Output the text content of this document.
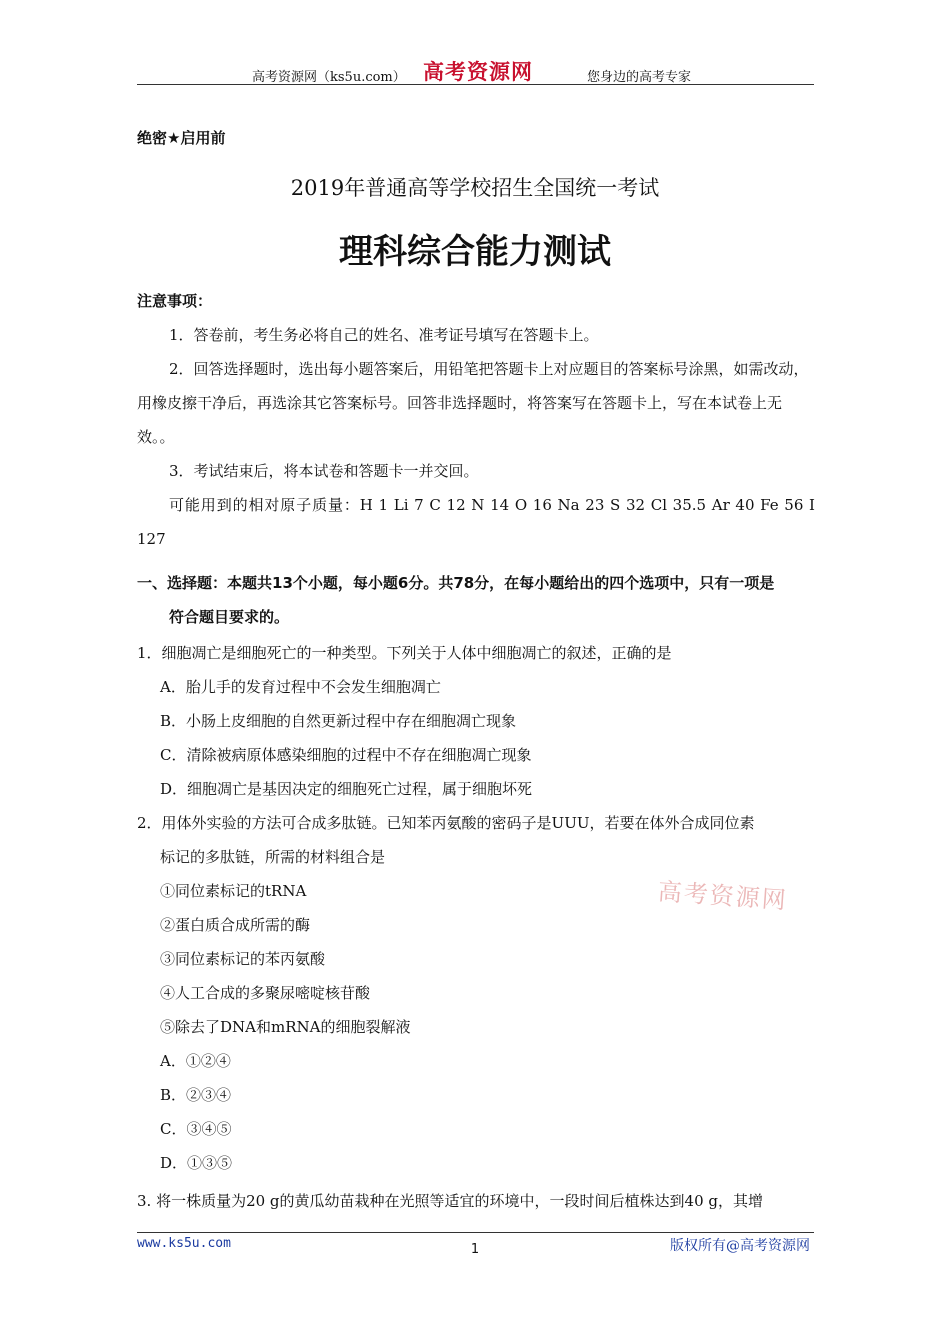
高考资源网（ks5u.com） 高考资源网	您身边的高考专家
绝密★启用前
2019年普通高等学校招生全国统一考试
理科综合能力测试
注意事项：
1．答卷前，考生务必将自己的姓名、准考证号填写在答题卡上。
2．回答选择题时，选出每小题答案后，用铅笔把答题卡上对应题目的答案标号涂黑，如需改动，用橡皮擦干净后，再选涂其它答案标号。回答非选择题时，将答案写在答题卡上，写在本试卷上无效。。
3．考试结束后，将本试卷和答题卡一并交回。
可能用到的相对原子质量：H 1 Li 7 C 12 N 14 O 16 Na 23 S 32 Cl 35.5 Ar 40 Fe 56 I 127
一、选择题：本题共13个小题，每小题6分。共78分，在每小题给出的四个选项中，只有一项是
符合题目要求的。
1．细胞凋亡是细胞死亡的一种类型。下列关于人体中细胞凋亡的叙述，正确的是
A．胎儿手的发育过程中不会发生细胞凋亡
B．小肠上皮细胞的自然更新过程中存在细胞凋亡现象
C．清除被病原体感染细胞的过程中不存在细胞凋亡现象
D．细胞凋亡是基因决定的细胞死亡过程，属于细胞坏死
2．用体外实验的方法可合成多肽链。已知苯丙氨酸的密码子是UUU，若要在体外合成同位素
标记的多肽链，所需的材料组合是
①同位素标记的tRNA
②蛋白质合成所需的酶
③同位素标记的苯丙氨酸
④人工合成的多聚尿嘧啶核苷酸
⑤除去了DNA和mRNA的细胞裂解液
A．①②④
B．②③④
C．③④⑤
D．①③⑤
3. 将一株质量为20 g的黄瓜幼苗栽种在光照等适宜的环境中，一段时间后植株达到40 g，其增
高考资源网
www.ks5u.com	版权所有@高考资源网
1
